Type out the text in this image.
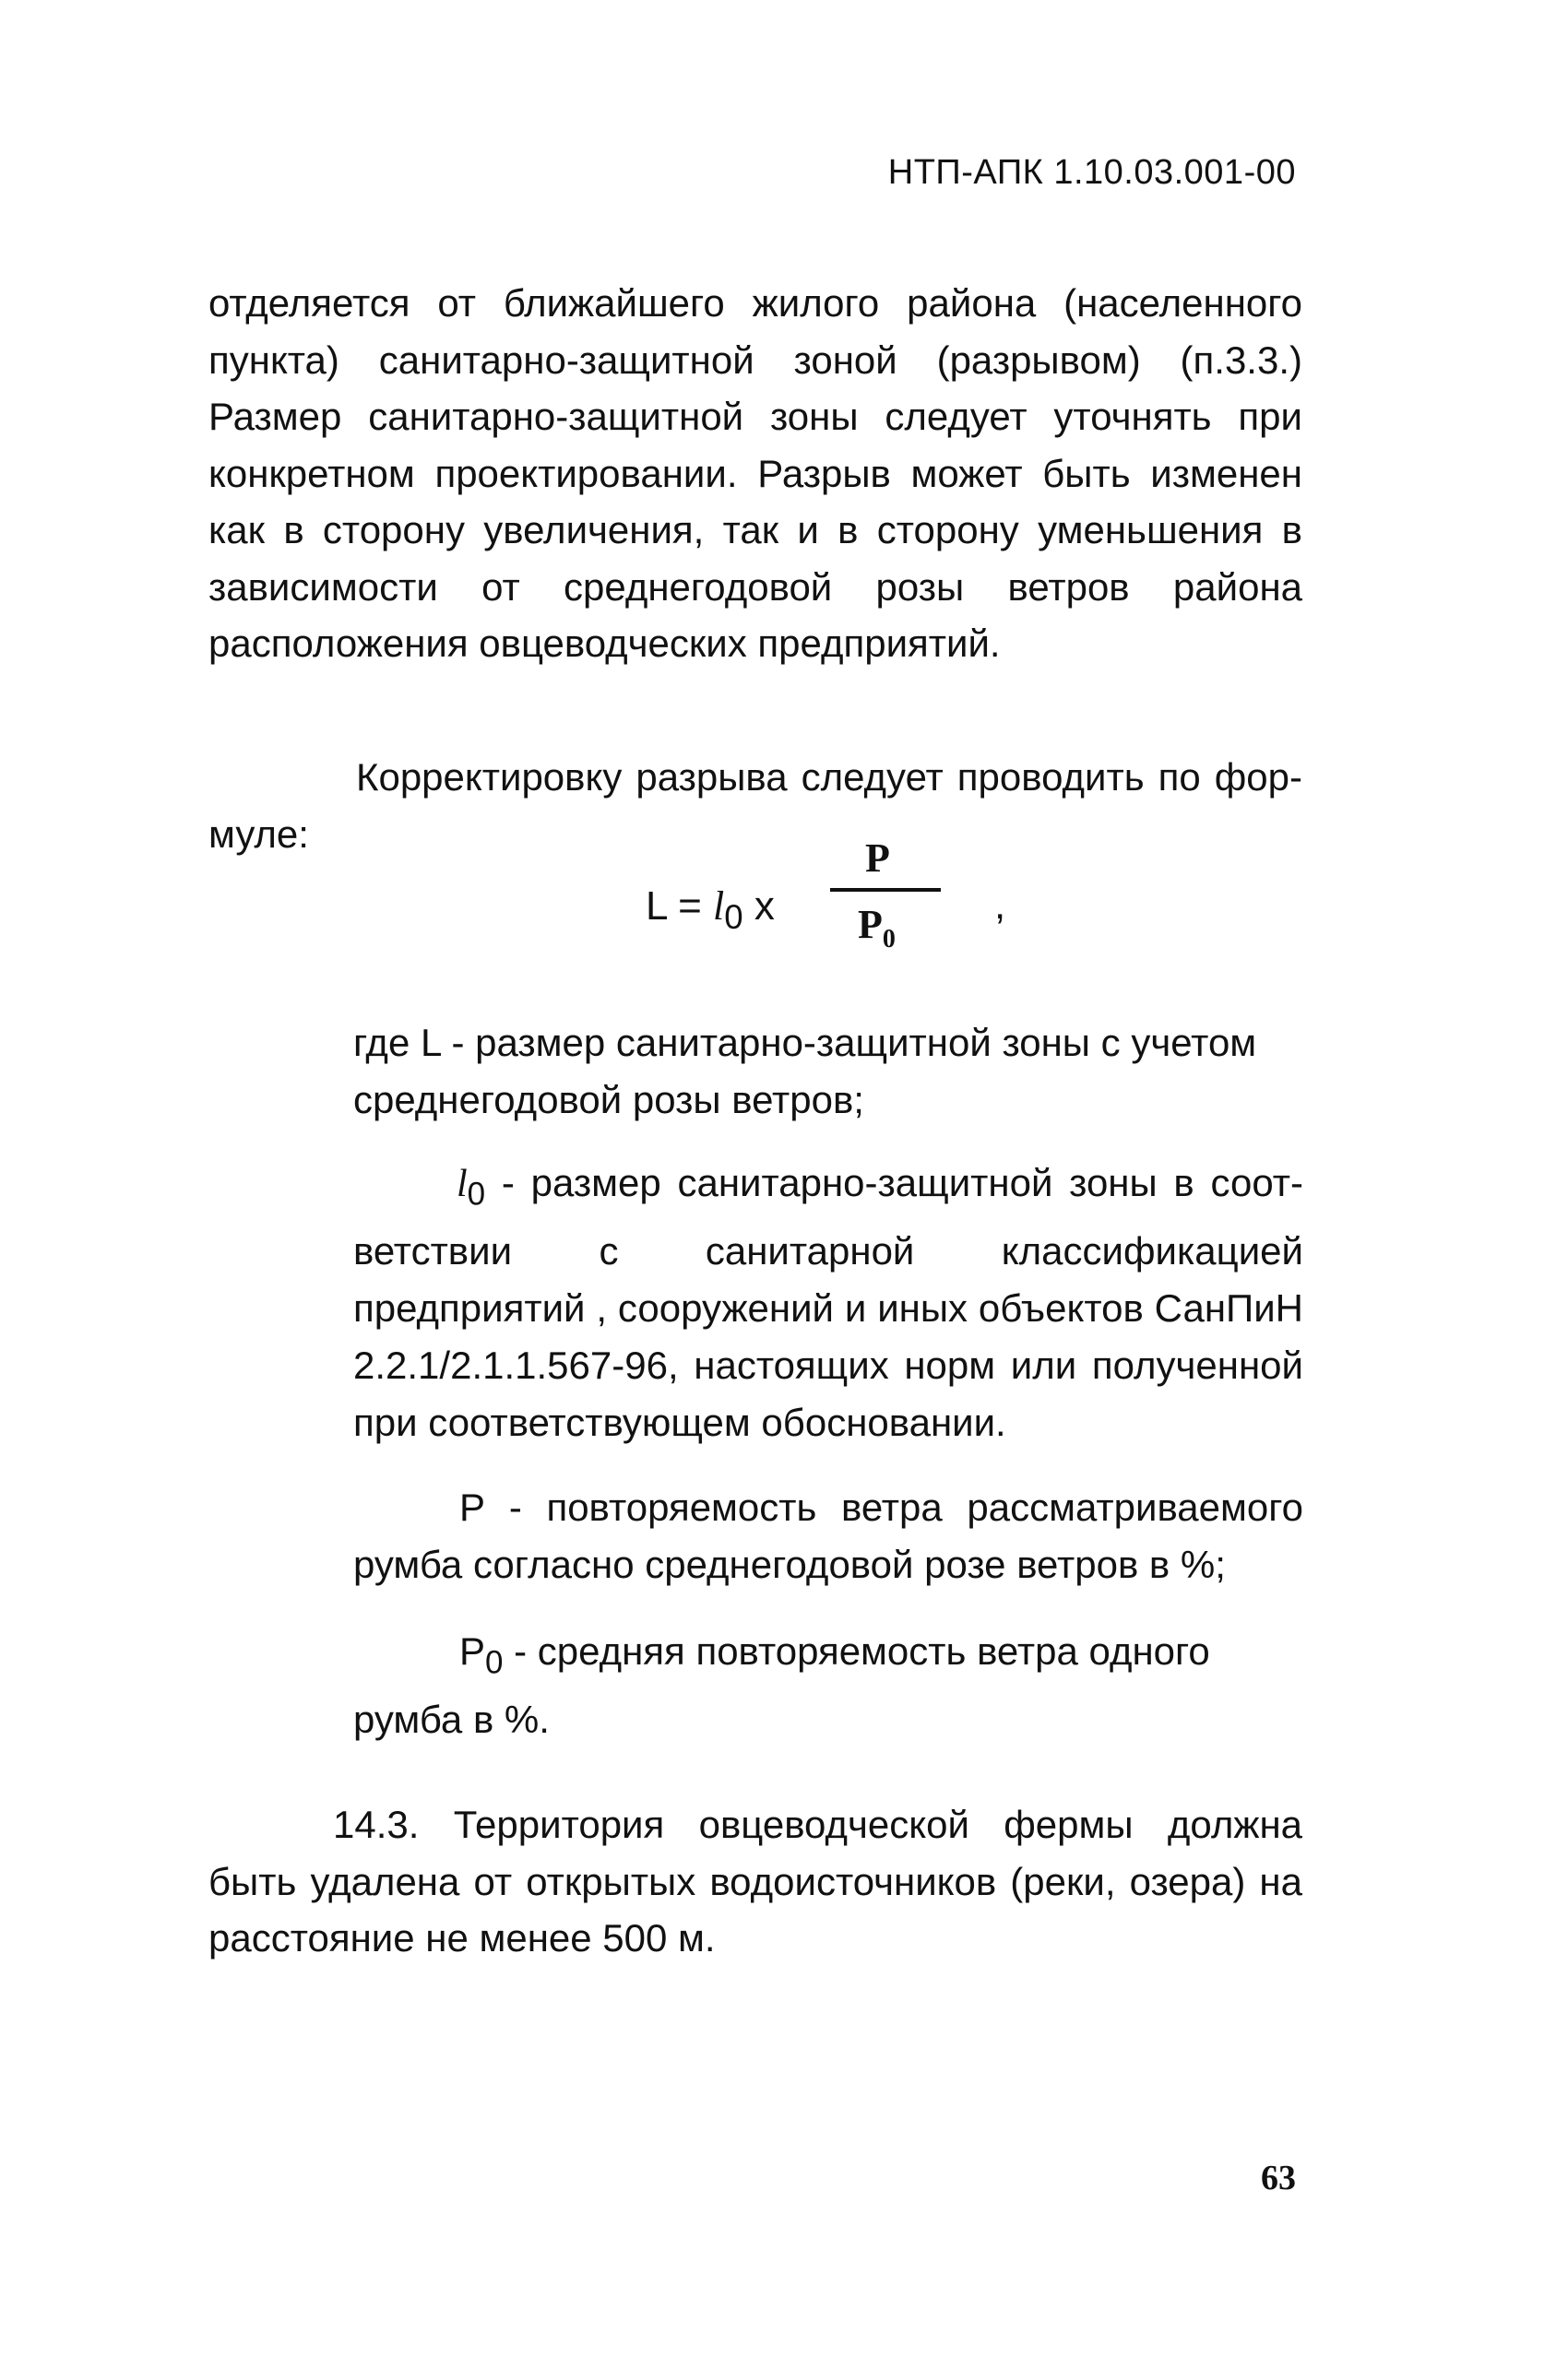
НТП-АПК 1.10.03.001-00
отделяется от ближайшего жилого района (населенного пункта) санитарно-защитной зоной (разрывом) (п.3.3.) Размер санитарно-защитной зоны следует уточнять при конкретном проектировании. Разрыв может быть изменен как в сторону увеличения, так и в сторону уменьшения в зависимости от среднегодовой розы ветров района расположения овцеводческих предприятий.
Корректировку разрыва следует проводить по фор-
муле:
$L = l_0$ x
P
$P_0$
,
где L - размер санитарно-защитной зоны с учетом
среднегодовой розы ветров;
$l_0$ - размер санитарно-защитной зоны в соот-
ветствии с санитарной классификацией предприятий , сооружений и иных объектов СанПиН 2.2.1/2.1.1.567-96, настоящих норм или полученной при соответствующем обосновании.
P - повторяемость ветра рассматриваемого
румба согласно среднегодовой розе ветров в %;
$P_0$ - средняя повторяемость ветра одного
румба в %.
14.3. Территория овцеводческой фермы должна
быть удалена от открытых водоисточников (реки, озера) на расстояние не менее 500 м.
63
